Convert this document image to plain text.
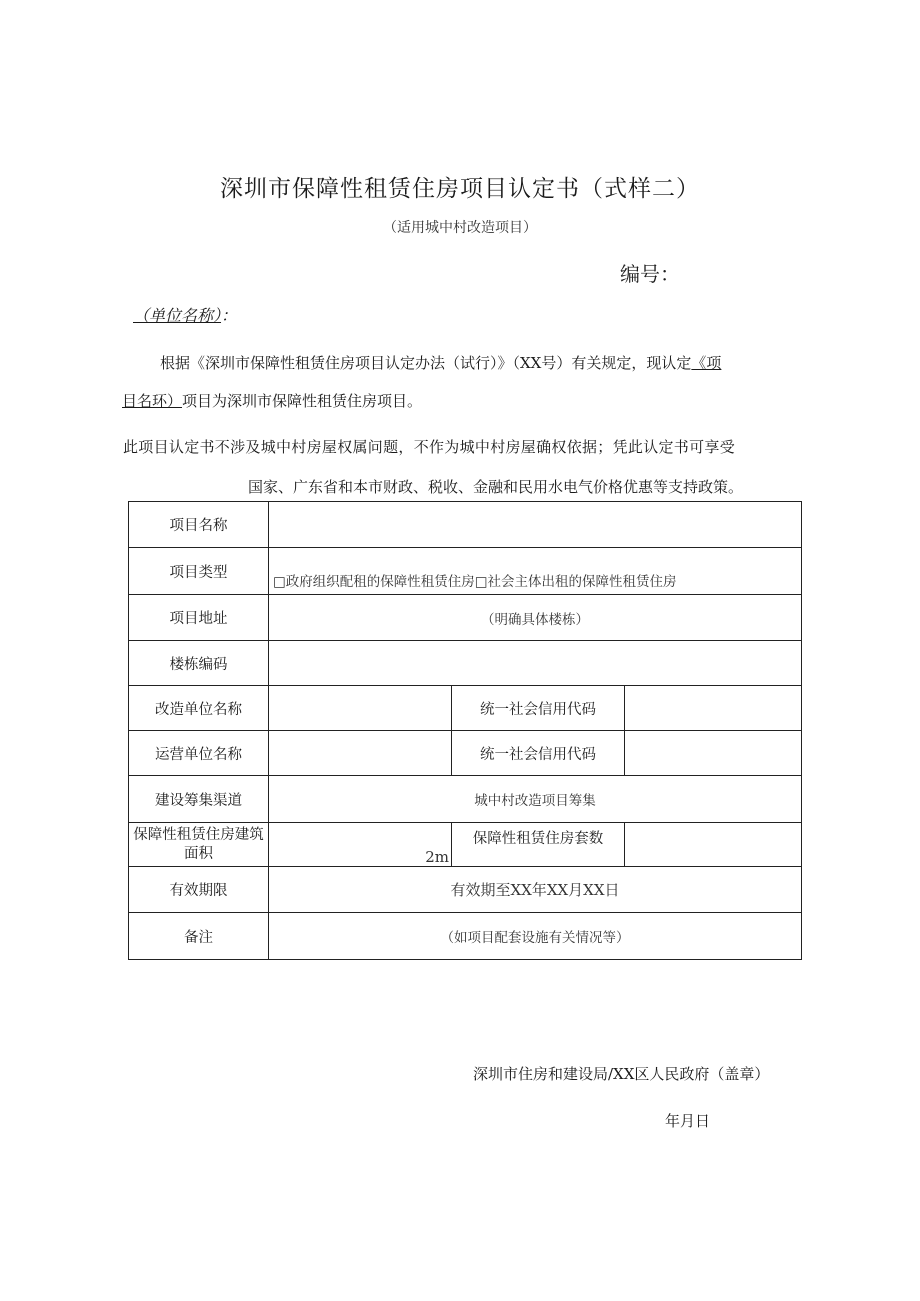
深圳市保障性租赁住房项目认定书（式样二）
（适用城中村改造项目）
编号：
（单位名称）：
根据《深圳市保障性租赁住房项目认定办法（试行）》（XX号）有关规定，现认定《项
目名环）项目为深圳市保障性租赁住房项目。
此项目认定书不涉及城中村房屋权属问题，不作为城中村房屋确权依据；凭此认定书可享受
国家、广东省和本市财政、税收、金融和民用水电气价格优惠等支持政策。
项目名称			
项目类型	□政府组织配租的保障性租赁住房□社会主体出租的保障性租赁住房		
项目地址	（明确具体楼栋）		
楼栋编码			
改造单位名称		统一社会信用代码	
运营单位名称		统一社会信用代码	
建设筹集渠道	城中村改造项目筹集		
保障性租赁住房建筑面积	2m	保障性租赁住房套数	
有效期限	有效期至XX年XX月XX日		
备注	（如项目配套设施有关情况等）		
深圳市住房和建设局/XX区人民政府（盖章）
年月日
